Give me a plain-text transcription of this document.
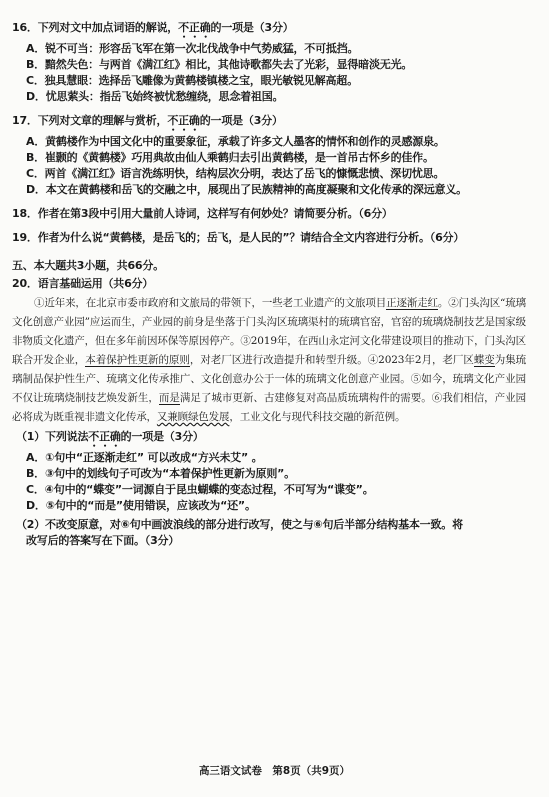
16．下列对文中加点词语的解说，不正确的一项是（3分）
A．锐不可当：形容岳飞军在第一次北伐战争中气势威猛，不可抵挡。
B．黯然失色：与两首《满江红》相比，其他诗歌都失去了光彩，显得暗淡无光。
C．独具慧眼：选择岳飞雕像为黄鹤楼镇楼之宝，眼光敏锐见解高超。
D．忧思萦头：指岳飞始终被忧愁缠绕，思念着祖国。
17．下列对文章的理解与赏析，不正确的一项是（3分）
A．黄鹤楼作为中国文化中的重要象征，承载了许多文人墨客的情怀和创作的灵感源泉。
B．崔颢的《黄鹤楼》巧用典故由仙人乘鹤归去引出黄鹤楼，是一首吊古怀乡的佳作。
C．两首《满江红》语言洗练明快，结构层次分明，表达了岳飞的慷慨悲愤、深切忧思。
D．本文在黄鹤楼和岳飞的交融之中，展现出了民族精神的高度凝聚和文化传承的深远意义。
18．作者在第3段中引用大量前人诗词，这样写有何妙处？请简要分析。（6分）
19．作者为什么说“黄鹤楼，是岳飞的；岳飞，是人民的”？请结合全文内容进行分析。（6分）
五、本大题共3小题，共66分。
20．语言基础运用（共6分）
①近年来，在北京市委市政府和文旅局的带领下，一些老工业遗产的文旅项目正逐渐走红。②门头沟区“琉璃文化创意产业园”应运而生，产业园的前身是坐落于门头沟区琉璃渠村的琉璃官窑，官窑的琉璃烧制技艺是国家级非物质文化遗产，但在多年前因环保等原因停产。③2019年，在西山永定河文化带建设项目的推动下，门头沟区联合开发企业，本着保护性更新的原则，对老厂区进行改造提升和转型升级。④2023年2月，老厂区蝶变为集琉璃制品保护性生产、琉璃文化传承推广、文化创意办公于一体的琉璃文化创意产业园。⑤如今，琉璃文化产业园不仅让琉璃烧制技艺焕发新生，而是满足了城市更新、古建修复对高品质琉璃构件的需要。⑥我们相信，产业园必将成为既重视非遗文化传承，又兼顾绿色发展，工业文化与现代科技交融的新范例。
（1）下列说法不正确的一项是（3分）
A．①句中“正逐渐走红” 可以改成“方兴未艾” 。
B．③句中的划线句子可改为“本着保护性更新为原则”。
C．④句中的“蝶变”一词源自于昆虫蝴蝶的变态过程，不可写为“谍变”。
D．⑤句中的“而是”使用错误，应该改为“还”。
（2）不改变原意，对⑥句中画波浪线的部分进行改写，使之与⑥句后半部分结构基本一致。将
改写后的答案写在下面。（3分）
高三语文试卷　第8页（共9页）
